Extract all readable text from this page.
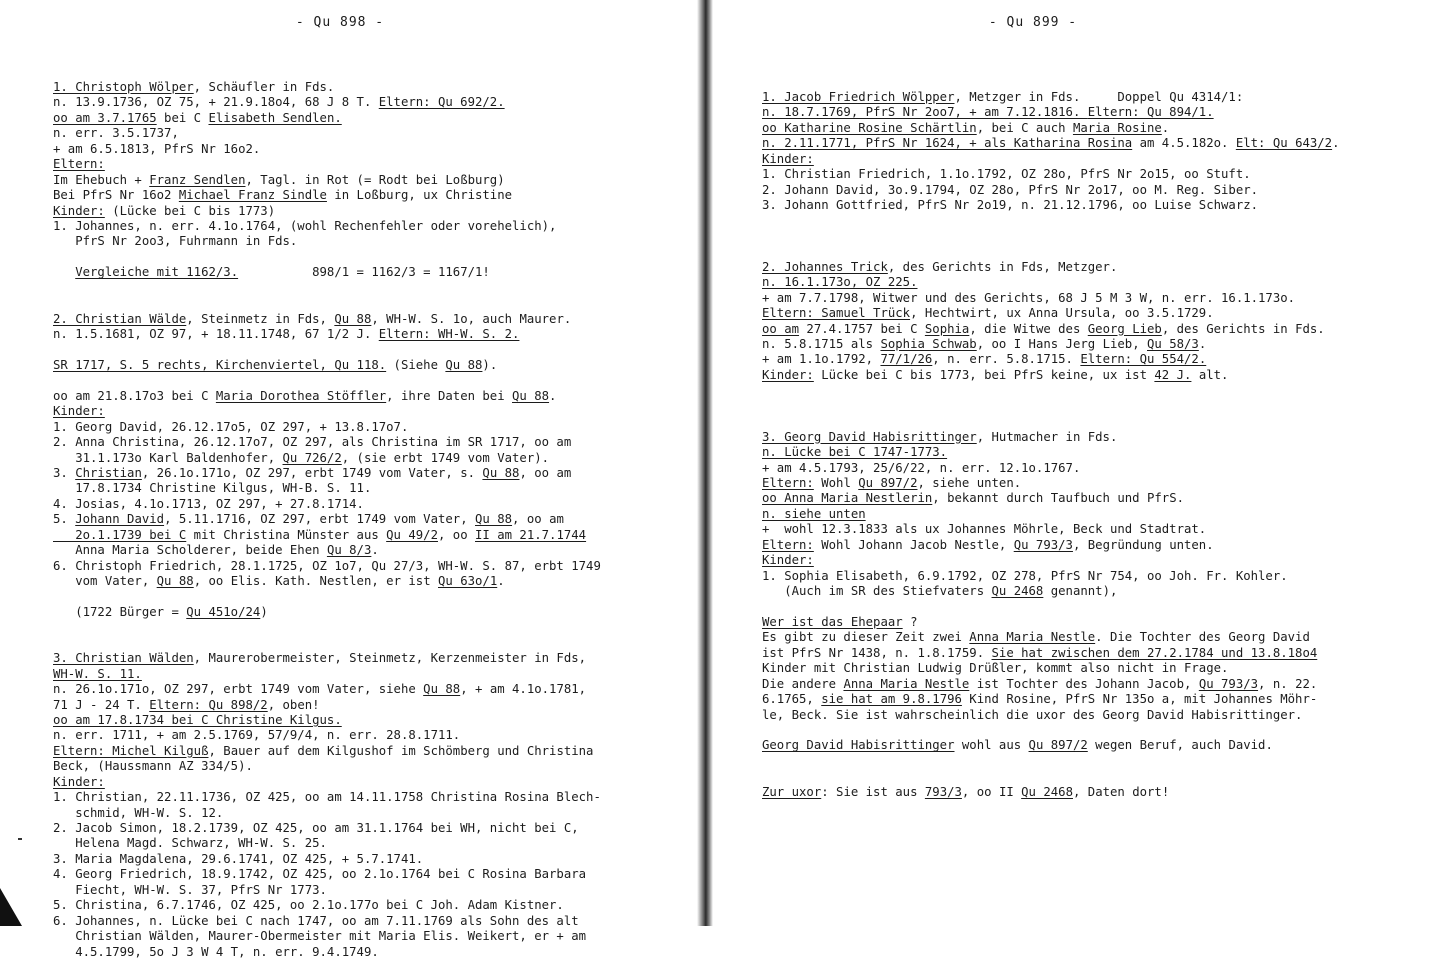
- Qu 898 -
1. Christoph Wölper, Schäufler in Fds.
n. 13.9.1736, OZ 75, + 21.9.18o4, 68 J 8 T. Eltern: Qu 692/2.
oo am 3.7.1765 bei C Elisabeth Sendlen.
n. err. 3.5.1737,
+ am 6.5.1813, PfrS Nr 16o2.
Eltern:
Im Ehebuch + Franz Sendlen, Tagl. in Rot (= Rodt bei Loßburg)
Bei PfrS Nr 16o2 Michael Franz Sindle in Loßburg, ux Christine
Kinder: (Lücke bei C bis 1773)
1. Johannes, n. err. 4.1o.1764, (wohl Rechenfehler oder vorehelich),
PfrS Nr 2oo3, Fuhrmann in Fds.
Vergleiche mit 1162/3.          898/1 = 1162/3 = 1167/1!
2. Christian Wälde, Steinmetz in Fds, Qu 88, WH-W. S. 1o, auch Maurer.
n. 1.5.1681, OZ 97, + 18.11.1748, 67 1/2 J. Eltern: WH-W. S. 2.
SR 1717, S. 5 rechts, Kirchenviertel, Qu 118. (Siehe Qu 88).
oo am 21.8.17o3 bei C Maria Dorothea Stöffler, ihre Daten bei Qu 88.
Kinder:
1. Georg David, 26.12.17o5, OZ 297, + 13.8.17o7.
2. Anna Christina, 26.12.17o7, OZ 297, als Christina im SR 1717, oo am
31.1.173o Karl Baldenhofer, Qu 726/2, (sie erbt 1749 vom Vater).
3. Christian, 26.1o.171o, OZ 297, erbt 1749 vom Vater, s. Qu 88, oo am
17.8.1734 Christine Kilgus, WH-B. S. 11.
4. Josias, 4.1o.1713, OZ 297, + 27.8.1714.
5. Johann David, 5.11.1716, OZ 297, erbt 1749 vom Vater, Qu 88, oo am
2o.1.1739 bei C mit Christina Münster aus Qu 49/2, oo II am 21.7.1744
Anna Maria Scholderer, beide Ehen Qu 8/3.
6. Christoph Friedrich, 28.1.1725, OZ 1o7, Qu 27/3, WH-W. S. 87, erbt 1749
vom Vater, Qu 88, oo Elis. Kath. Nestlen, er ist Qu 63o/1.
(1722 Bürger = Qu 451o/24)
3. Christian Wälden, Maurerobermeister, Steinmetz, Kerzenmeister in Fds,
WH-W. S. 11.
n. 26.1o.171o, OZ 297, erbt 1749 vom Vater, siehe Qu 88, + am 4.1o.1781,
71 J - 24 T. Eltern: Qu 898/2, oben!
oo am 17.8.1734 bei C Christine Kilgus.
n. err. 1711, + am 2.5.1769, 57/9/4, n. err. 28.8.1711.
Eltern: Michel Kilguß, Bauer auf dem Kilgushof im Schömberg und Christina
Beck, (Haussmann AZ 334/5).
Kinder:
1. Christian, 22.11.1736, OZ 425, oo am 14.11.1758 Christina Rosina Blech-
schmid, WH-W. S. 12.
2. Jacob Simon, 18.2.1739, OZ 425, oo am 31.1.1764 bei WH, nicht bei C,
Helena Magd. Schwarz, WH-W. S. 25.
3. Maria Magdalena, 29.6.1741, OZ 425, + 5.7.1741.
4. Georg Friedrich, 18.9.1742, OZ 425, oo 2.1o.1764 bei C Rosina Barbara
Fiecht, WH-W. S. 37, PfrS Nr 1773.
5. Christina, 6.7.1746, OZ 425, oo 2.1o.177o bei C Joh. Adam Kistner.
6. Johannes, n. Lücke bei C nach 1747, oo am 7.11.1769 als Sohn des alt
Christian Wälden, Maurer-Obermeister mit Maria Elis. Weikert, er + am
4.5.1799, 5o J 3 W 4 T, n. err. 9.4.1749.
- Qu 899 -
1. Jacob Friedrich Wölpper, Metzger in Fds.     Doppel Qu 4314/1:
n. 18.7.1769, PfrS Nr 2oo7, + am 7.12.1816. Eltern: Qu 894/1.
oo Katharine Rosine Schärtlin, bei C auch Maria Rosine.
n. 2.11.1771, PfrS Nr 1624, + als Katharina Rosina am 4.5.182o. Elt: Qu 643/2.
Kinder:
1. Christian Friedrich, 1.1o.1792, OZ 28o, PfrS Nr 2o15, oo Stuft.
2. Johann David, 3o.9.1794, OZ 28o, PfrS Nr 2o17, oo M. Reg. Siber.
3. Johann Gottfried, PfrS Nr 2o19, n. 21.12.1796, oo Luise Schwarz.
2. Johannes Trick, des Gerichts in Fds, Metzger.
n. 16.1.173o, OZ 225.
+ am 7.7.1798, Witwer und des Gerichts, 68 J 5 M 3 W, n. err. 16.1.173o.
Eltern: Samuel Trück, Hechtwirt, ux Anna Ursula, oo 3.5.1729.
oo am 27.4.1757 bei C Sophia, die Witwe des Georg Lieb, des Gerichts in Fds.
n. 5.8.1715 als Sophia Schwab, oo I Hans Jerg Lieb, Qu 58/3.
+ am 1.1o.1792, 77/1/26, n. err. 5.8.1715. Eltern: Qu 554/2.
Kinder: Lücke bei C bis 1773, bei PfrS keine, ux ist 42 J. alt.
3. Georg David Habisrittinger, Hutmacher in Fds.
n. Lücke bei C 1747-1773.
+ am 4.5.1793, 25/6/22, n. err. 12.1o.1767.
Eltern: Wohl Qu 897/2, siehe unten.
oo Anna Maria Nestlerin, bekannt durch Taufbuch und PfrS.
n. siehe unten
+  wohl 12.3.1833 als ux Johannes Möhrle, Beck und Stadtrat.
Eltern: Wohl Johann Jacob Nestle, Qu 793/3, Begründung unten.
Kinder:
1. Sophia Elisabeth, 6.9.1792, OZ 278, PfrS Nr 754, oo Joh. Fr. Kohler.
(Auch im SR des Stiefvaters Qu 2468 genannt),
Wer ist das Ehepaar ?
Es gibt zu dieser Zeit zwei Anna Maria Nestle. Die Tochter des Georg David
ist PfrS Nr 1438, n. 1.8.1759. Sie hat zwischen dem 27.2.1784 und 13.8.18o4
Kinder mit Christian Ludwig Drüßler, kommt also nicht in Frage.
Die andere Anna Maria Nestle ist Tochter des Johann Jacob, Qu 793/3, n. 22.
6.1765, sie hat am 9.8.1796 Kind Rosine, PfrS Nr 135o a, mit Johannes Möhr-
le, Beck. Sie ist wahrscheinlich die uxor des Georg David Habisrittinger.
Georg David Habisrittinger wohl aus Qu 897/2 wegen Beruf, auch David.
Zur uxor: Sie ist aus 793/3, oo II Qu 2468, Daten dort!
